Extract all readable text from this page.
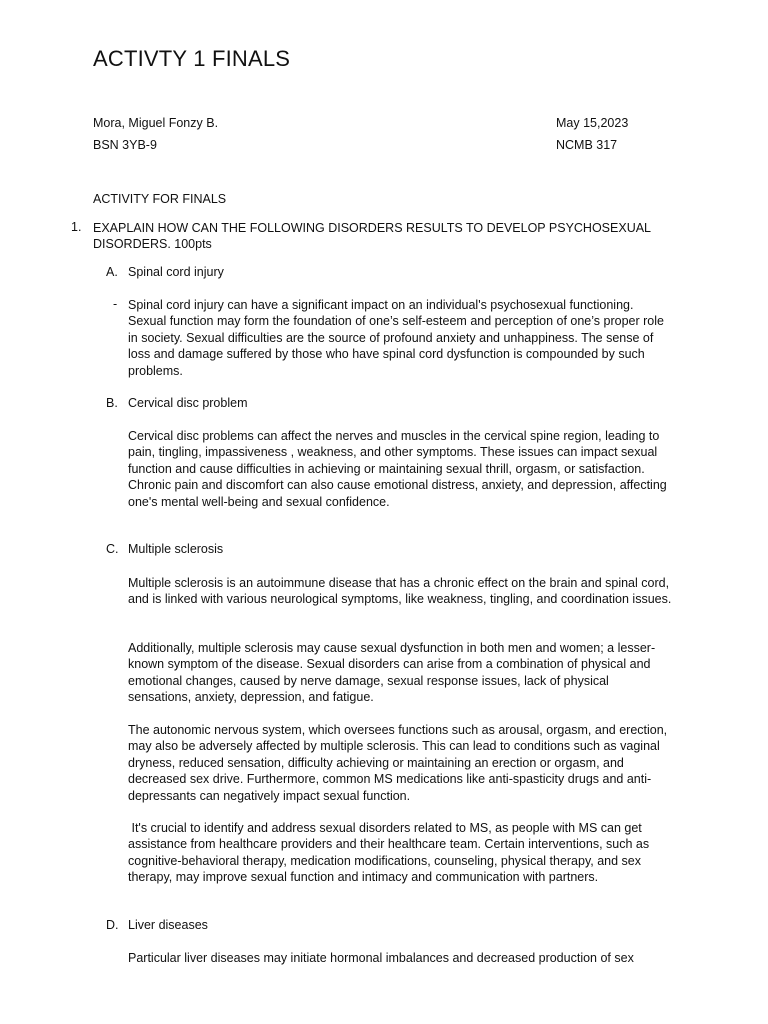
ACTIVTY 1 FINALS
Mora, Miguel Fonzy B.	May 15,2023
BSN 3YB-9	NCMB 317
ACTIVITY FOR FINALS
1. EXAPLAIN HOW CAN THE FOLLOWING DISORDERS RESULTS TO DEVELOP PSYCHOSEXUAL DISORDERS. 100pts
A. Spinal cord injury
- Spinal cord injury can have a significant impact on an individual's psychosexual functioning. Sexual function may form the foundation of one’s self-esteem and perception of one’s proper role in society. Sexual difficulties are the source of profound anxiety and unhappiness. The sense of loss and damage suffered by those who have spinal cord dysfunction is compounded by such problems.

B. Cervical disc problem

Cervical disc problems can affect the nerves and muscles in the cervical spine region, leading to pain, tingling, impassiveness , weakness, and other symptoms. These issues can impact sexual function and cause difficulties in achieving or maintaining sexual thrill, orgasm, or satisfaction. Chronic pain and discomfort can also cause emotional distress, anxiety, and depression, affecting one's mental well-being and sexual confidence.

C. Multiple sclerosis

Multiple sclerosis is an autoimmune disease that has a chronic effect on the brain and spinal cord, and is linked with various neurological symptoms, like weakness, tingling, and coordination issues.

Additionally, multiple sclerosis may cause sexual dysfunction in both men and women; a lesser-known symptom of the disease. Sexual disorders can arise from a combination of physical and emotional changes, caused by nerve damage, sexual response issues, lack of physical sensations, anxiety, depression, and fatigue.

The autonomic nervous system, which oversees functions such as arousal, orgasm, and erection, may also be adversely affected by multiple sclerosis. This can lead to conditions such as vaginal dryness, reduced sensation, difficulty achieving or maintaining an erection or orgasm, and decreased sex drive. Furthermore, common MS medications like anti-spasticity drugs and anti-depressants can negatively impact sexual function.

It's crucial to identify and address sexual disorders related to MS, as people with MS can get assistance from healthcare providers and their healthcare team. Certain interventions, such as cognitive-behavioral therapy, medication modifications, counseling, physical therapy, and sex therapy, may improve sexual function and intimacy and communication with partners.

D. Liver diseases

Particular liver diseases may initiate hormonal imbalances and decreased production of sex
